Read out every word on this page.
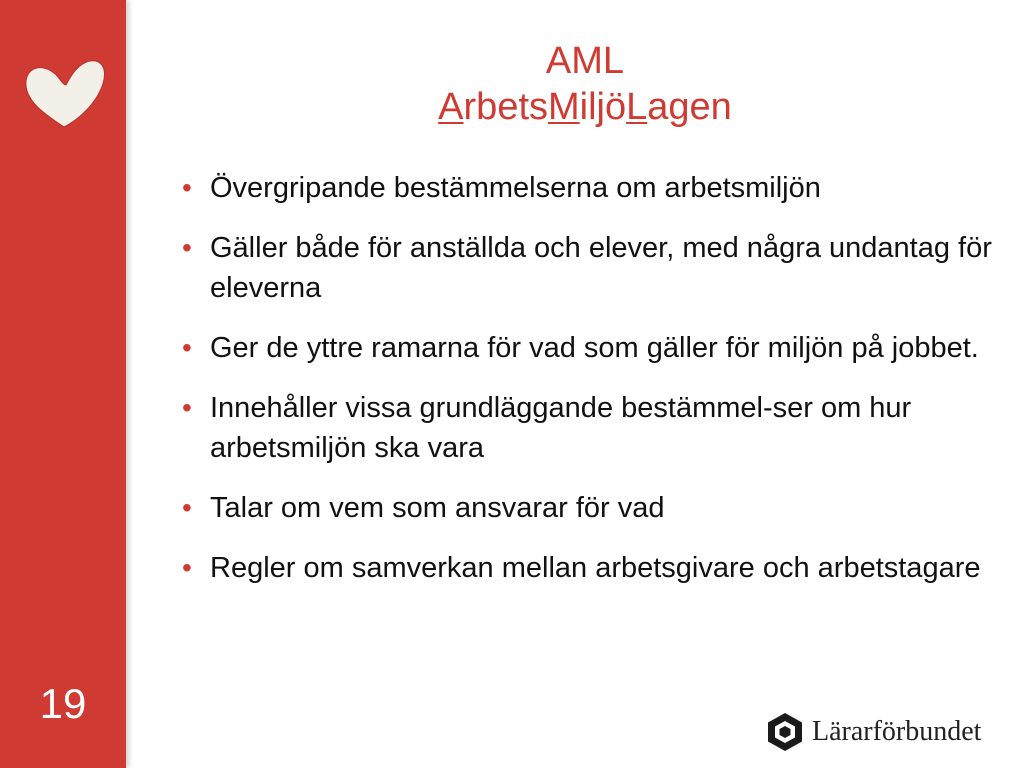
19
AML
ArbetsMiljöLagen
• Övergripande bestämmelserna om arbetsmiljön
• Gäller både för anställda och elever, med några undantag för eleverna
• Ger de yttre ramarna för vad som gäller för miljön på jobbet.
• Innehåller vissa grundläggande bestämmel-ser om hur arbetsmiljön ska vara
• Talar om vem som ansvarar för vad
• Regler om samverkan mellan arbetsgivare och arbetstagare
Lärarförbundet
